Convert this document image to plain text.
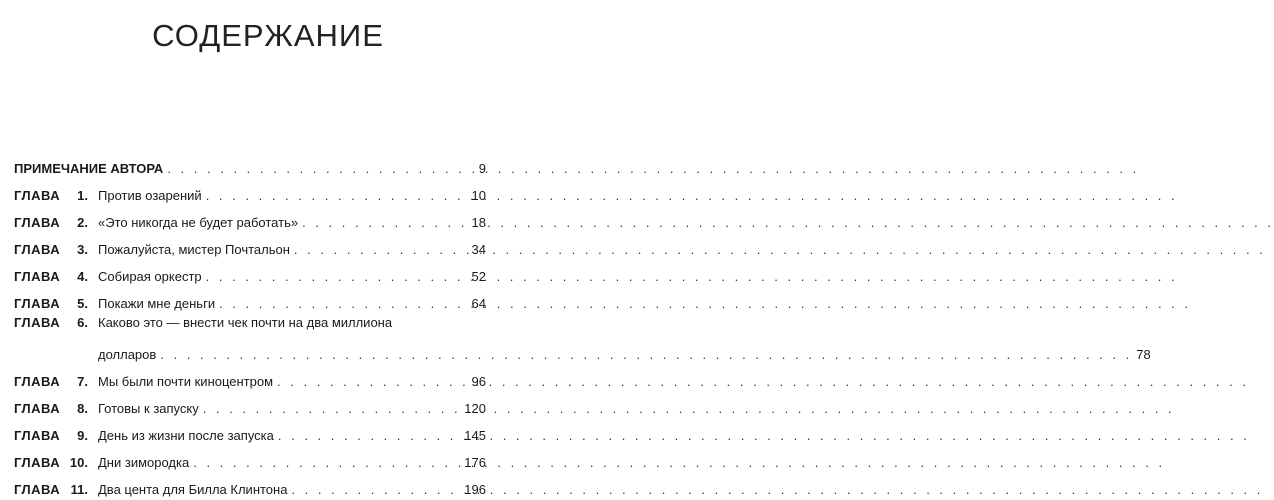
СОДЕРЖАНИЕ
ПРИМЕЧАНИЕ АВТОРА . . .	9
ГЛАВА	1. Против озарений . . .	10
ГЛАВА	2. «Это никогда не будет работать» . . .	18
ГЛАВА	3. Пожалуйста, мистер Почтальон . . .	34
ГЛАВА	4. Собирая оркестр . . .	52
ГЛАВА	5. Покажи мне деньги . . .	64
ГЛАВА	6. Каково это — внести чек почти на два миллиона
долларов . . .	78
ГЛАВА	7. Мы были почти киноцентром . . .	96
ГЛАВА	8. Готовы к запуску . . .	120
ГЛАВА	9. День из жизни после запуска . . .	145
ГЛАВА 10. Дни зимородка . . .	176
ГЛАВА 11. Два цента для Билла Клинтона . . .	196
